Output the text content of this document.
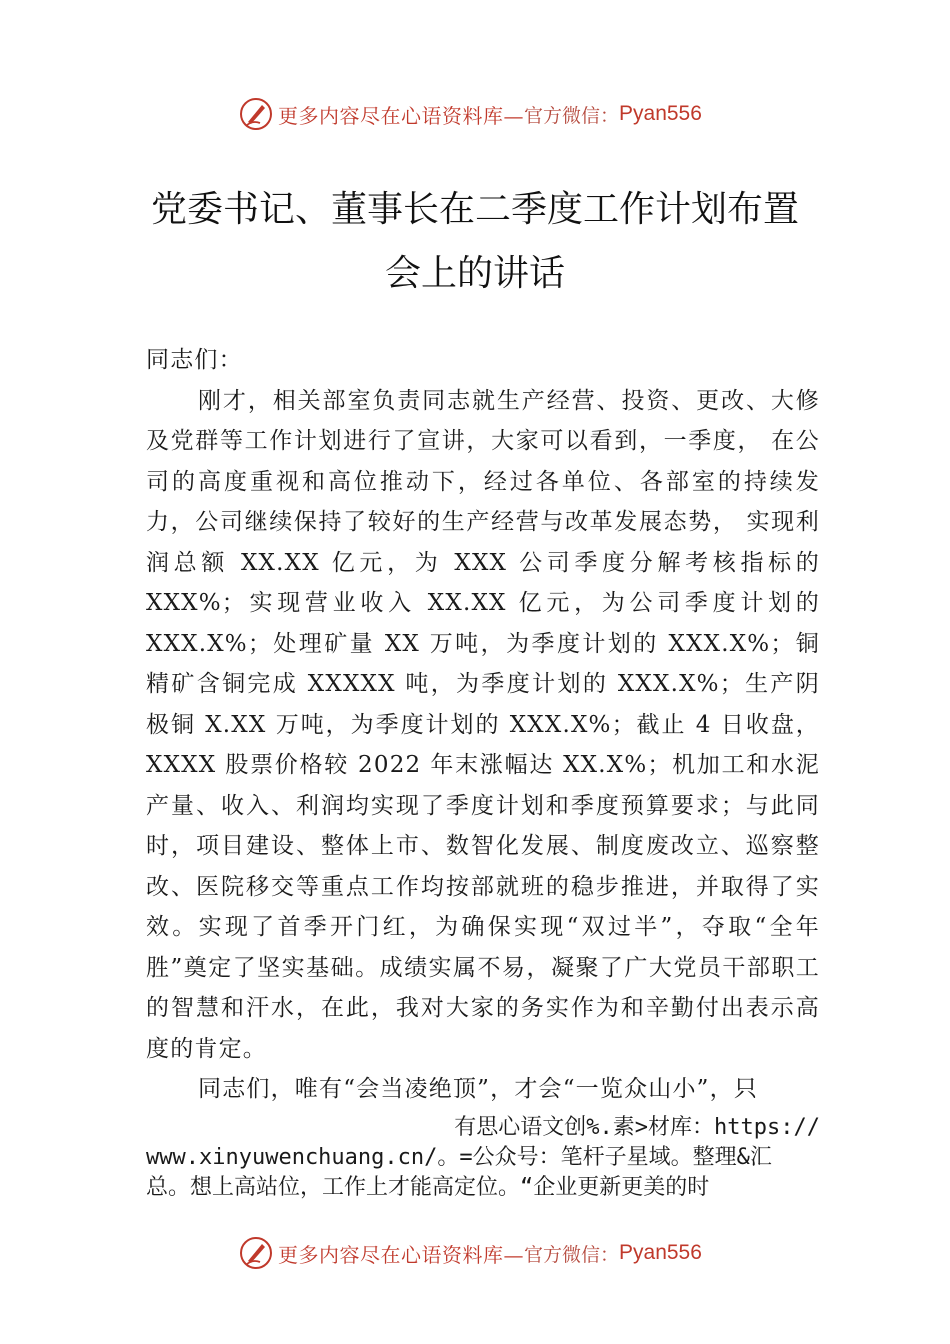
更多内容尽在心语资料库— 官方微信： Pyan556
党委书记、董事长在二季度工作计划布置
会上的讲话

同志们：

刚才，相关部室负责同志就生产经营、投资、更改、大修及党群等工作计划进行了宣讲，大家可以看到，一季度， 在公司的高度重视和高位推动下，经过各单位、各部室的持续发力，公司继续保持了较好的生产经营与改革发展态势， 实现利润总额 XX.XX 亿元，为 XXX 公司季度分解考核指标的 XXX%；实现营业收入 XX.XX 亿元，为公司季度计划的 XXX.X%；处理矿量 XX 万吨，为季度计划的 XXX.X%；铜精矿含铜完成 XXXXX 吨，为季度计划的 XXX.X%；生产阴极铜 X.XX 万吨，为季度计划的 XXX.X%；截止 4 日收盘， XXXX 股票价格较 2022 年末涨幅达 XX.X%；机加工和水泥产量、收入、利润均实现了季度计划和季度预算要求；与此同时，项目建设、整体上市、数智化发展、制度废改立、巡察整改、医院移交等重点工作均按部就班的稳步推进，并取得了实效。实现了首季开门红，为确保实现“双过半”，夺取“全年胜”奠定了坚实基础。成绩实属不易，凝聚了广大党员干部职工的智慧和汗水，在此，我对大家的务实作为和辛勤付出表示高度的肯定。

同志们，唯有“会当凌绝顶”，才会“一览众山小”，只

有思心语文创%.素>材库：https://

www.xinyuwenchuang.cn/。=公众号：笔杆子星域。整理&汇

总。想上高站位，工作上才能高定位。“企业更新更美的时

更多内容尽在心语资料库— 官方微信： Pyan556
